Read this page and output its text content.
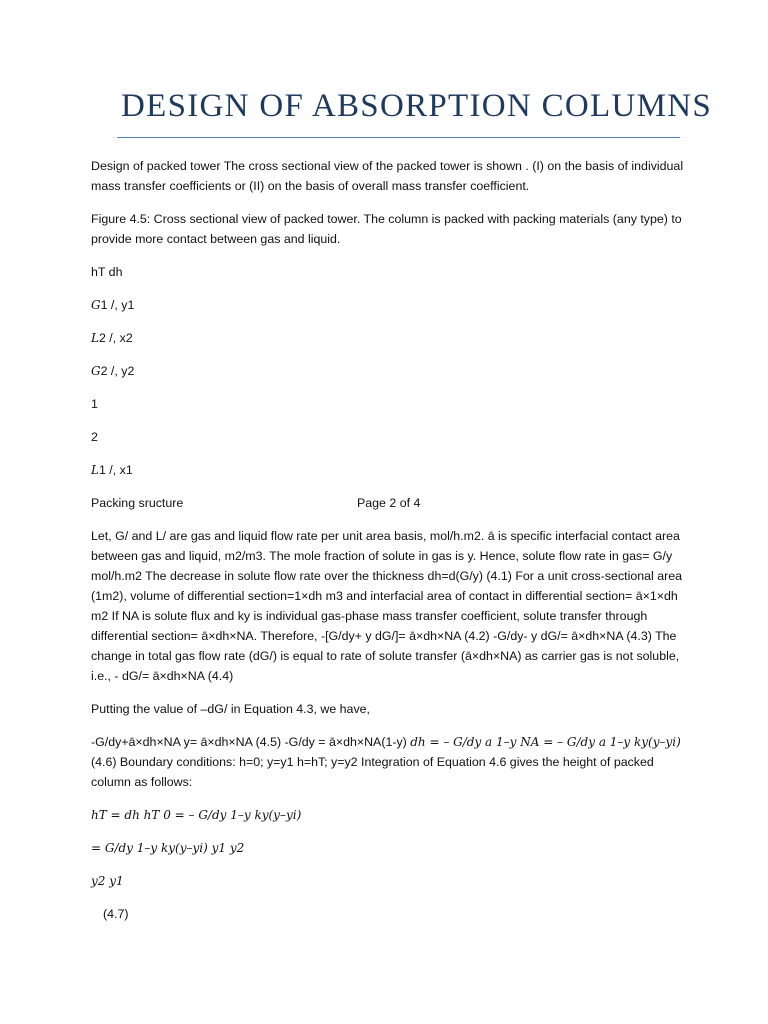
DESIGN OF ABSORPTION COLUMNS

Design of packed tower The cross sectional view of the packed tower is shown . (I) on the basis of individual mass transfer coefficients or (II) on the basis of overall mass transfer coefficient.

Figure 4.5: Cross sectional view of packed tower. The column is packed with packing materials (any type) to provide more contact between gas and liquid.

hT dh

G1 /, y1

L2 /, x2

G2 /, y2

1

2

L1 /, x1

Packing sructure	Page 2 of 4

Let, G/ and L/ are gas and liquid flow rate per unit area basis, mol/h.m2. ā is specific interfacial contact area between gas and liquid, m2/m3. The mole fraction of solute in gas is y. Hence, solute flow rate in gas= G/y mol/h.m2 The decrease in solute flow rate over the thickness dh=d(G/y) (4.1) For a unit cross-sectional area (1m2), volume of differential section=1×dh m3 and interfacial area of contact in differential section= ā×1×dh m2 If NA is solute flux and ky is individual gas-phase mass transfer coefficient, solute transfer through differential section= ā×dh×NA. Therefore, -[G/dy+ y dG/]= ā×dh×NA (4.2) -G/dy- y dG/= ā×dh×NA (4.3) The change in total gas flow rate (dG/) is equal to rate of solute transfer (ā×dh×NA) as carrier gas is not soluble, i.e., - dG/= ā×dh×NA (4.4)

Putting the value of –dG/ in Equation 4.3, we have,

-G/dy+ā×dh×NA y= ā×dh×NA (4.5) -G/dy = ā×dh×NA(1-y) dh = – G/dy a 1–y NA = – G/dy a 1–y ky(y–yi) (4.6) Boundary conditions: h=0; y=y1 h=hT; y=y2 Integration of Equation 4.6 gives the height of packed column as follows:

hT = dh hT 0 = – G/dy 1–y ky(y–yi)

= G/dy 1–y ky(y–yi) y1 y2

y2 y1

(4.7)
